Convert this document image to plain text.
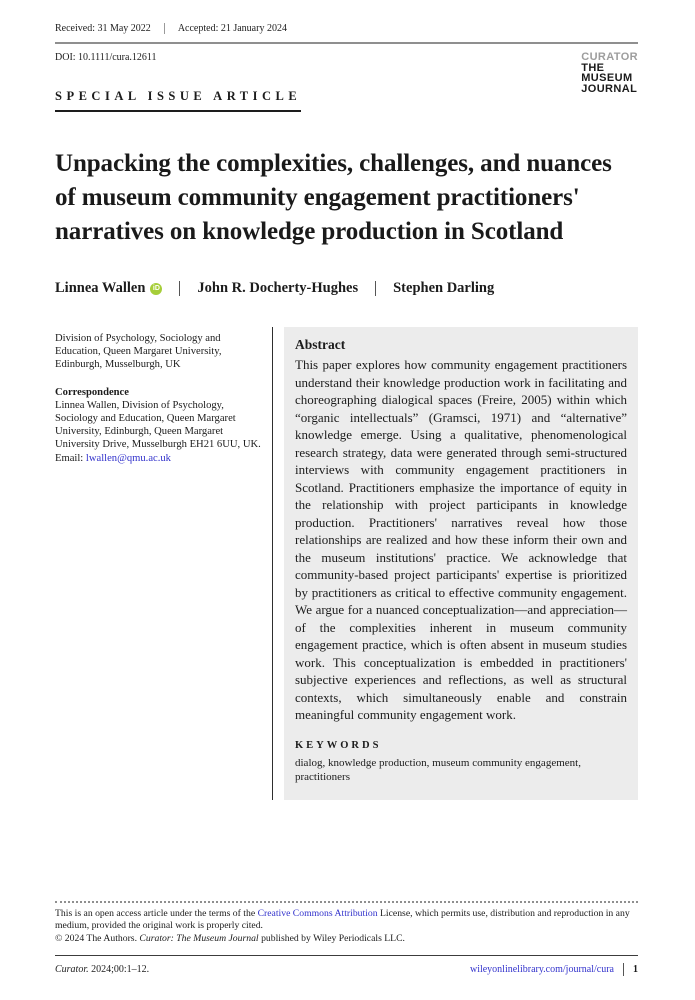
Received: 31 May 2022	Accepted: 21 January 2024
DOI: 10.1111/cura.12611	CURATOR
THE
MUSEUM
JOURNAL
SPECIAL ISSUE ARTICLE
Unpacking the complexities, challenges, and nuances of museum community engagement practitioners' narratives on knowledge production in Scotland
Linnea Wallen	iD	John R. Docherty-Hughes Stephen Darling

Division of Psychology, Sociology and Education, Queen Margaret University, Edinburgh, Musselburgh, UK

Correspondence

Linnea Wallen, Division of Psychology, Sociology and Education, Queen Margaret University, Edinburgh, Queen Margaret University Drive, Musselburgh EH21 6UU, UK.

Email: lwallen@qmu.ac.uk

Abstract

This paper explores how community engagement practitioners understand their knowledge production work in facilitating and choreographing dialogical spaces (Freire, 2005) within which “organic intellectuals” (Gramsci, 1971) and “alternative” knowledge emerge. Using a qualitative, phenomenological research strategy, data were generated through semi-structured interviews with community engagement practitioners in Scotland. Practitioners emphasize the importance of equity in the relationship with project participants in knowledge production. Practitioners' narratives reveal how those relationships are realized and how these inform their own and the museum institutions' practice. We acknowledge that community-based project participants' expertise is prioritized by practitioners as critical to effective community engagement. We argue for a nuanced conceptualization—and appreciation—of the complexities inherent in museum community engagement practice, which is often absent in museum studies work. This conceptualization is embedded in practitioners' subjective experiences and reflections, as well as structural contexts, which simultaneously enable and constrain meaningful community engagement work.

KEYWORDS

dialog, knowledge production, museum community engagement, practitioners

This is an open access article under the terms of the Creative Commons Attribution License, which permits use, distribution and reproduction in any medium, provided the original work is properly cited.

© 2024 The Authors. Curator: The Museum Journal published by Wiley Periodicals LLC.

Curator. 2024;00:1–12.	wileyonlinelibrary.com/journal/cura 1
